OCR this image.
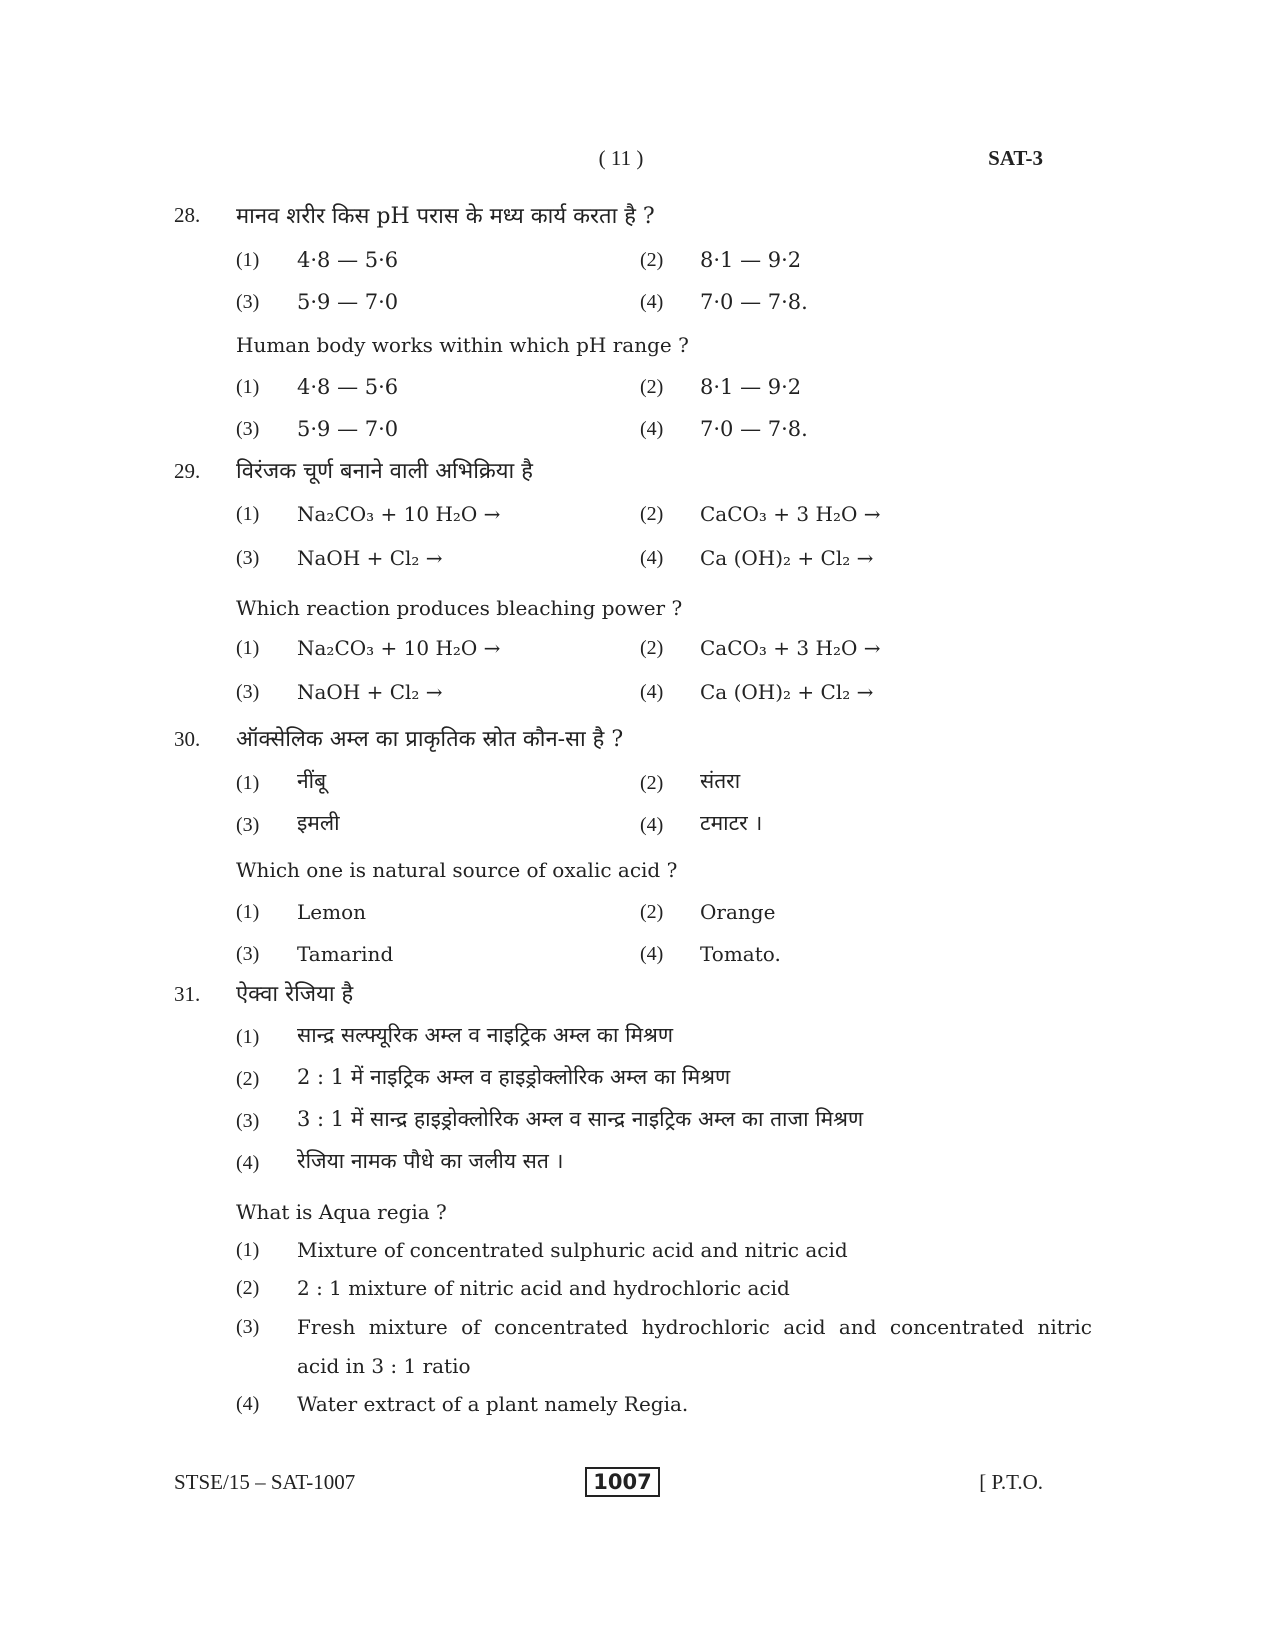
( 11 )	SAT-3
28. मानव शरीर किस pH परास के मध्य कार्य करता है ?
(1) 4·8 — 5·6	(2) 8·1 — 9·2
(3) 5·9 — 7·0	(4) 7·0 — 7·8.
Human body works within which pH range ?
(1) 4·8 — 5·6	(2) 8·1 — 9·2
(3) 5·9 — 7·0	(4) 7·0 — 7·8.
29. विरंजक चूर्ण बनाने वाली अभिक्रिया है
(1) Na₂CO₃ + 10 H₂O →	(2) CaCO₃ + 3 H₂O →
(3) NaOH + Cl₂ →	(4) Ca (OH)₂ + Cl₂ →
Which reaction produces bleaching power ?
(1) Na₂CO₃ + 10 H₂O →	(2) CaCO₃ + 3 H₂O →
(3) NaOH + Cl₂ →	(4) Ca (OH)₂ + Cl₂ →
30. ऑक्सेलिक अम्ल का प्राकृतिक स्रोत कौन-सा है ?
(1) नींबू	(2) संतरा
(3) इमली	(4) टमाटर ।
Which one is natural source of oxalic acid ?
(1) Lemon	(2) Orange
(3) Tamarind	(4) Tomato.
31. ऐक्वा रेजिया है
(1) सान्द्र सल्फ्यूरिक अम्ल व नाइट्रिक अम्ल का मिश्रण
(2) 2 : 1 में नाइट्रिक अम्ल व हाइड्रोक्लोरिक अम्ल का मिश्रण
(3) 3 : 1 में सान्द्र हाइड्रोक्लोरिक अम्ल व सान्द्र नाइट्रिक अम्ल का ताजा मिश्रण
(4) रेजिया नामक पौधे का जलीय सत ।
What is Aqua regia ?
(1) Mixture of concentrated sulphuric acid and nitric acid
(2) 2 : 1 mixture of nitric acid and hydrochloric acid
(3) Fresh mixture of concentrated hydrochloric acid and concentrated nitric
acid in 3 : 1 ratio
(4) Water extract of a plant namely Regia.
STSE/15 – SAT-1007	1007	[ P.T.O.
